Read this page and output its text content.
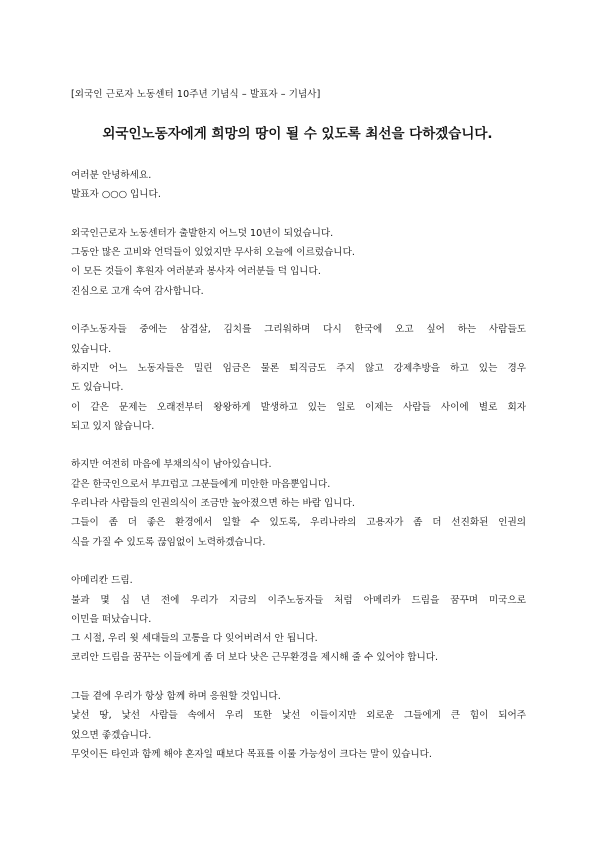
[외국인 근로자 노동센터 10주년 기념식 – 발표자 – 기념사]
외국인노동자에게 희망의 땅이 될 수 있도록 최선을 다하겠습니다.
여러분 안녕하세요.
발표자 ○○○ 입니다.
외국인근로자 노동센터가 출발한지 어느덧 10년이 되었습니다.
그동안 많은 고비와 언덕들이 있었지만 무사히 오늘에 이르렀습니다.
이 모든 것들이 후원자 여러분과 봉사자 여러분들 덕 입니다.
진심으로 고개 숙여 감사합니다.
이주노동자들 중에는 삼겹살, 김치를 그리워하며 다시 한국에 오고 싶어 하는 사람들도
있습니다.
하지만 어느 노동자들은 밀린 임금은 물론 퇴직금도 주지 않고 강제추방을 하고 있는 경우
도 있습니다.
이 같은 문제는 오래전부터 왕왕하게 발생하고 있는 일로 이제는 사람들 사이에 별로 회자
되고 있지 않습니다.
하지만 여전히 마음에 부채의식이 남아있습니다.
같은 한국인으로서 부끄럽고 그분들에게 미안한 마음뿐입니다.
우리나라 사람들의 인권의식이 조금만 높아졌으면 하는 바람 입니다.
그들이 좀 더 좋은 환경에서 일할 수 있도록, 우리나라의 고용자가 좀 더 선진화된 인권의
식을 가질 수 있도록 끊임없이 노력하겠습니다.
아메리칸 드림.
불과 몇 십 년 전에 우리가 지금의 이주노동자들 처럼 아메리카 드림을 꿈꾸며 미국으로
이민을 떠났습니다.
그 시절, 우리 윗 세대들의 고통을 다 잊어버려서 안 됩니다.
코리안 드림을 꿈꾸는 이들에게 좀 더 보다 낫은 근무환경을 제시해 줄 수 있어야 합니다.
그들 곁에 우리가 항상 함께 하며 응원할 것입니다.
낯선 땅, 낯선 사람들 속에서 우리 또한 낯선 이들이지만 외로운 그들에게 큰 힘이 되어주
었으면 좋겠습니다.
무엇이든 타인과 함께 해야 혼자일 때보다 목표를 이룰 가능성이 크다는 말이 있습니다.
